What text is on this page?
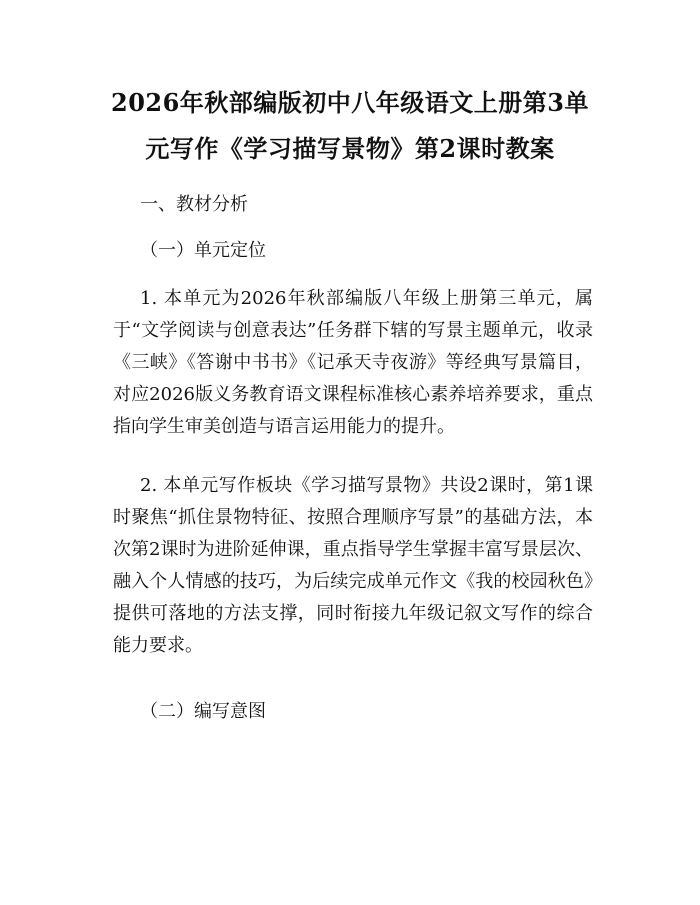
2026年秋部编版初中八年级语文上册第3单元写作《学习描写景物》第2课时教案
一、教材分析
（一）单元定位
1. 本单元为2026年秋部编版八年级上册第三单元，属于“文学阅读与创意表达”任务群下辖的写景主题单元，收录《三峡》《答谢中书书》《记承天寺夜游》等经典写景篇目，对应2026版义务教育语文课程标准核心素养培养要求，重点指向学生审美创造与语言运用能力的提升。
2. 本单元写作板块《学习描写景物》共设2课时，第1课时聚焦“抓住景物特征、按照合理顺序写景”的基础方法，本次第2课时为进阶延伸课，重点指导学生掌握丰富写景层次、融入个人情感的技巧，为后续完成单元作文《我的校园秋色》提供可落地的方法支撑，同时衔接九年级记叙文写作的综合能力要求。
（二）编写意图
